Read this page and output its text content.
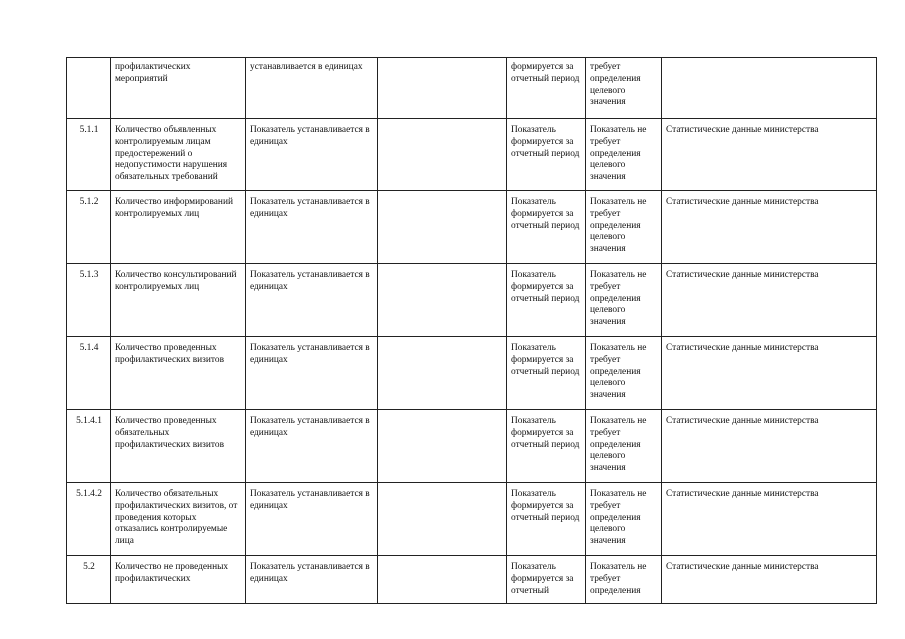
	профилактических мероприятий	устанавливается в единицах		формируется за отчетный период	требует определения целевого значения	
5.1.1	Количество объявленных контролируемым лицам предостережений о недопустимости нарушения обязательных требований	Показатель устанавливается в единицах		Показатель формируется за отчетный период	Показатель не требует определения целевого значения	Статистические данные министерства
5.1.2	Количество информирований контролируемых лиц	Показатель устанавливается в единицах		Показатель формируется за отчетный период	Показатель не требует определения целевого значения	Статистические данные министерства
5.1.3	Количество консультирований контролируемых лиц	Показатель устанавливается в единицах		Показатель формируется за отчетный период	Показатель не требует определения целевого значения	Статистические данные министерства
5.1.4	Количество проведенных профилактических визитов	Показатель устанавливается в единицах		Показатель формируется за отчетный период	Показатель не требует определения целевого значения	Статистические данные министерства
5.1.4.1	Количество проведенных обязательных профилактических визитов	Показатель устанавливается в единицах		Показатель формируется за отчетный период	Показатель не требует определения целевого значения	Статистические данные министерства
5.1.4.2	Количество обязательных профилактических визитов, от проведения которых отказались контролируемые лица	Показатель устанавливается в единицах		Показатель формируется за отчетный период	Показатель не требует определения целевого значения	Статистические данные министерства
5.2	Количество не проведенных профилактических	Показатель устанавливается в единицах		Показатель формируется за отчетный	Показатель не требует определения	Статистические данные министерства
